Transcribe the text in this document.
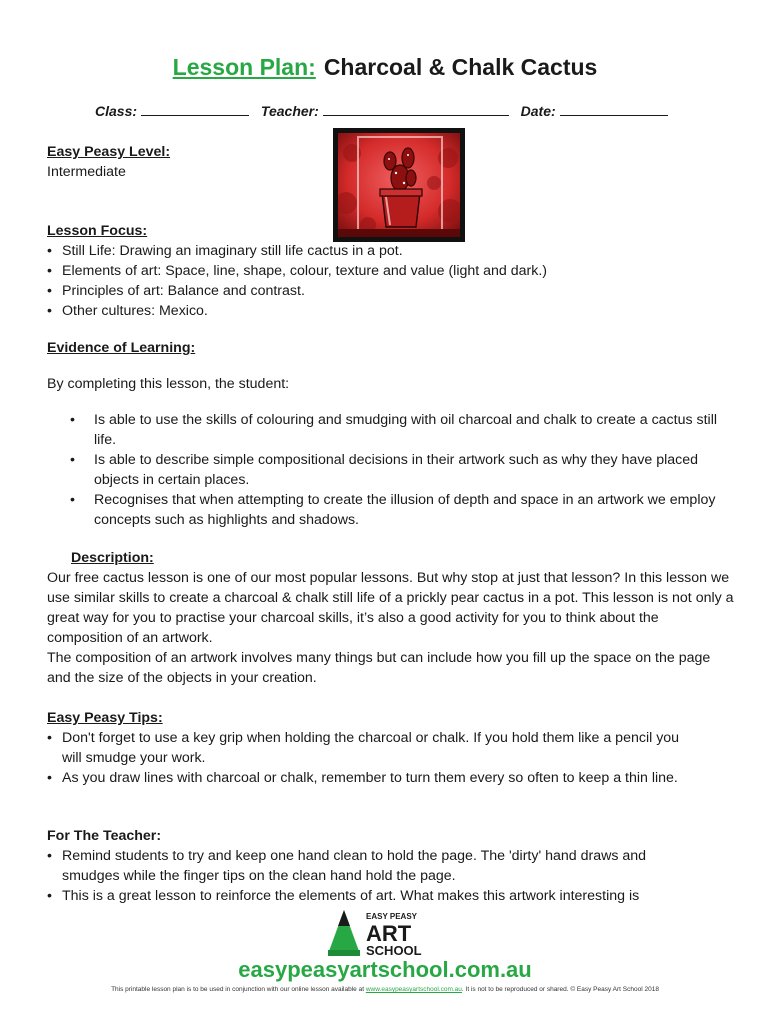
Lesson Plan: Charcoal & Chalk Cactus
Class:	Teacher:	Date:
Easy Peasy Level:
Intermediate
Lesson Focus:
• Still Life: Drawing an imaginary still life cactus in a pot.
• Elements of art: Space, line, shape, colour, texture and value (light and dark.)
• Principles of art: Balance and contrast.
• Other cultures: Mexico.
Evidence of Learning:
By completing this lesson, the student:
• Is able to use the skills of colouring and smudging with oil charcoal and chalk to create a cactus still life.
• Is able to describe simple compositional decisions in their artwork such as why they have placed objects in certain places.
• Recognises that when attempting to create the illusion of depth and space in an artwork we employ concepts such as highlights and shadows.
Description:
Our free cactus lesson is one of our most popular lessons. But why stop at just that lesson? In this lesson we use similar skills to create a charcoal & chalk still life of a prickly pear cactus in a pot. This lesson is not only a great way for you to practise your charcoal skills, it’s also a good activity for you to think about the composition of an artwork.
The composition of an artwork involves many things but can include how you fill up the space on the page and the size of the objects in your creation.
Easy Peasy Tips:
• Don't forget to use a key grip when holding the charcoal or chalk. If you hold them like a pencil you will smudge your work.
• As you draw lines with charcoal or chalk, remember to turn them every so often to keep a thin line.
For The Teacher:
• Remind students to try and keep one hand clean to hold the page. The 'dirty' hand draws and smudges while the finger tips on the clean hand hold the page.
• This is a great lesson to reinforce the elements of art. What makes this artwork interesting is
EASY PEASY
ART
SCHOOL
easypeasyartschool.com.au
This printable lesson plan is to be used in conjunction with our online lesson available at www.easypeasyartschool.com.au. It is not to be reproduced or shared. © Easy Peasy Art School 2018
